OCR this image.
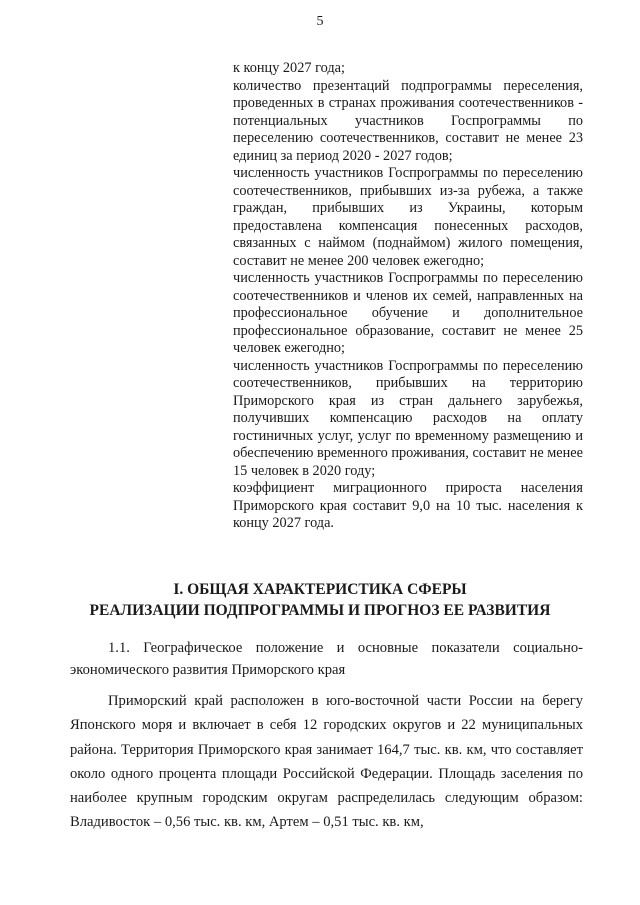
5

к концу 2027 года;

количество презентаций подпрограммы переселения, проведенных в странах проживания соотечественников - потенциальных участников Госпрограммы по переселению соотечественников, составит не менее 23 единиц за период 2020 - 2027 годов;

численность участников Госпрограммы по переселению соотечественников, прибывших из-за рубежа, а также граждан, прибывших из Украины, которым предоставлена компенсация понесенных расходов, связанных с наймом (поднаймом) жилого помещения, составит не менее 200 человек ежегодно;

численность участников Госпрограммы по переселению соотечественников и членов их семей, направленных на профессиональное обучение и дополнительное профессиональное образование, составит не менее 25 человек ежегодно;

численность участников Госпрограммы по переселению соотечественников, прибывших на территорию Приморского края из стран дальнего зарубежья, получивших компенсацию расходов на оплату гостиничных услуг, услуг по временному размещению и обеспечению временного проживания, составит не менее 15 человек в 2020 году;

коэффициент миграционного прироста населения Приморского края составит 9,0 на 10 тыс. населения к концу 2027 года.

I. ОБЩАЯ ХАРАКТЕРИСТИКА СФЕРЫ
РЕАЛИЗАЦИИ ПОДПРОГРАММЫ И ПРОГНОЗ ЕЕ РАЗВИТИЯ

1.1. Географическое положение и основные показатели социально-экономического развития Приморского края

Приморский край расположен в юго-восточной части России на берегу Японского моря и включает в себя 12 городских округов и 22 муниципальных района. Территория Приморского края занимает 164,7 тыс. кв. км, что составляет около одного процента площади Российской Федерации. Площадь заселения по наиболее крупным городским округам распределилась следующим образом: Владивосток – 0,56 тыс. кв. км, Артем – 0,51 тыс. кв. км,
